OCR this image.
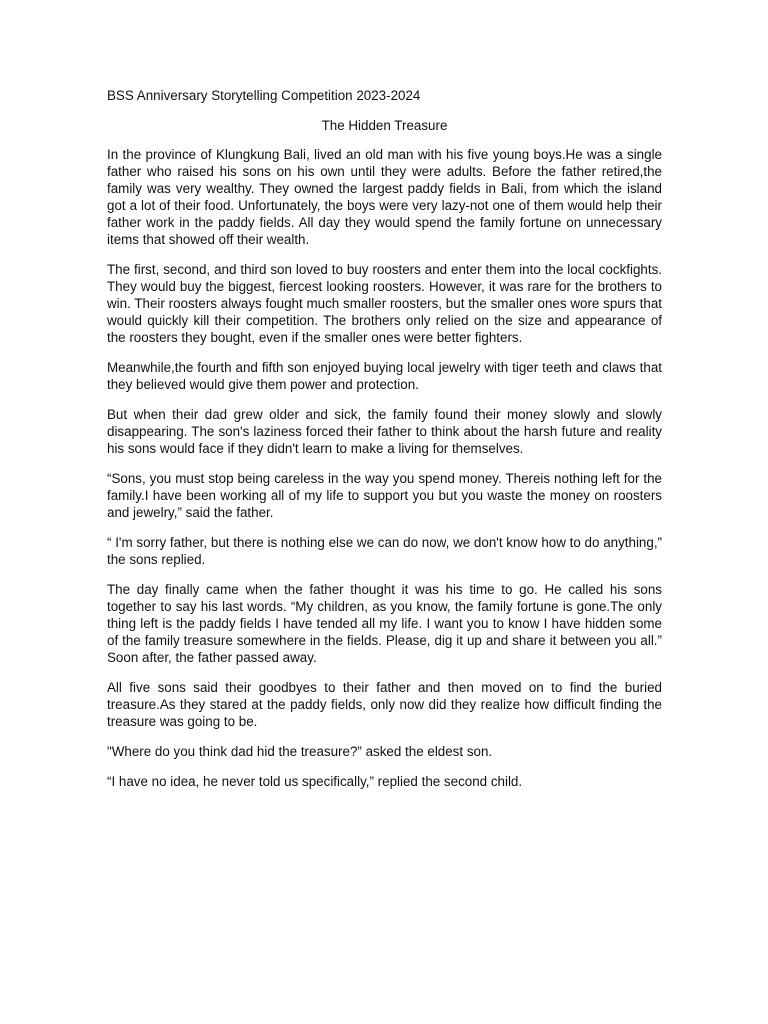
BSS Anniversary Storytelling Competition 2023-2024
The Hidden Treasure

In the province of Klungkung Bali, lived an old man with his five young boys.He was a single father who raised his sons on his own until they were adults. Before the father retired,the family was very wealthy. They owned the largest paddy fields in Bali, from which the island got a lot of their food. Unfortunately, the boys were very lazy-not one of them would help their father work in the paddy fields. All day they would spend the family fortune on unnecessary items that showed off their wealth.

The first, second, and third son loved to buy roosters and enter them into the local cockfights. They would buy the biggest, fiercest looking roosters. However, it was rare for the brothers to win. Their roosters always fought much smaller roosters, but the smaller ones wore spurs that would quickly kill their competition. The brothers only relied on the size and appearance of the roosters they bought, even if the smaller ones were better fighters.

Meanwhile,the fourth and fifth son enjoyed buying local jewelry with tiger teeth and claws that they believed would give them power and protection.

But when their dad grew older and sick, the family found their money slowly and slowly disappearing. The son's laziness forced their father to think about the harsh future and reality his sons would face if they didn't learn to make a living for themselves.

“Sons, you must stop being careless in the way you spend money. Thereis nothing left for the family.I have been working all of my life to support you but you waste the money on roosters and jewelry,” said the father.

“ I'm sorry father, but there is nothing else we can do now, we don't know how to do anything,” the sons replied.

The day finally came when the father thought it was his time to go. He called his sons together to say his last words. “My children, as you know, the family fortune is gone.The only thing left is the paddy fields I have tended all my life. I want you to know I have hidden some of the family treasure somewhere in the fields. Please, dig it up and share it between you all.” Soon after, the father passed away.

All five sons said their goodbyes to their father and then moved on to find the buried treasure.As they stared at the paddy fields, only now did they realize how difficult finding the treasure was going to be.

"Where do you think dad hid the treasure?” asked the eldest son.

“I have no idea, he never told us specifically,” replied the second child.
